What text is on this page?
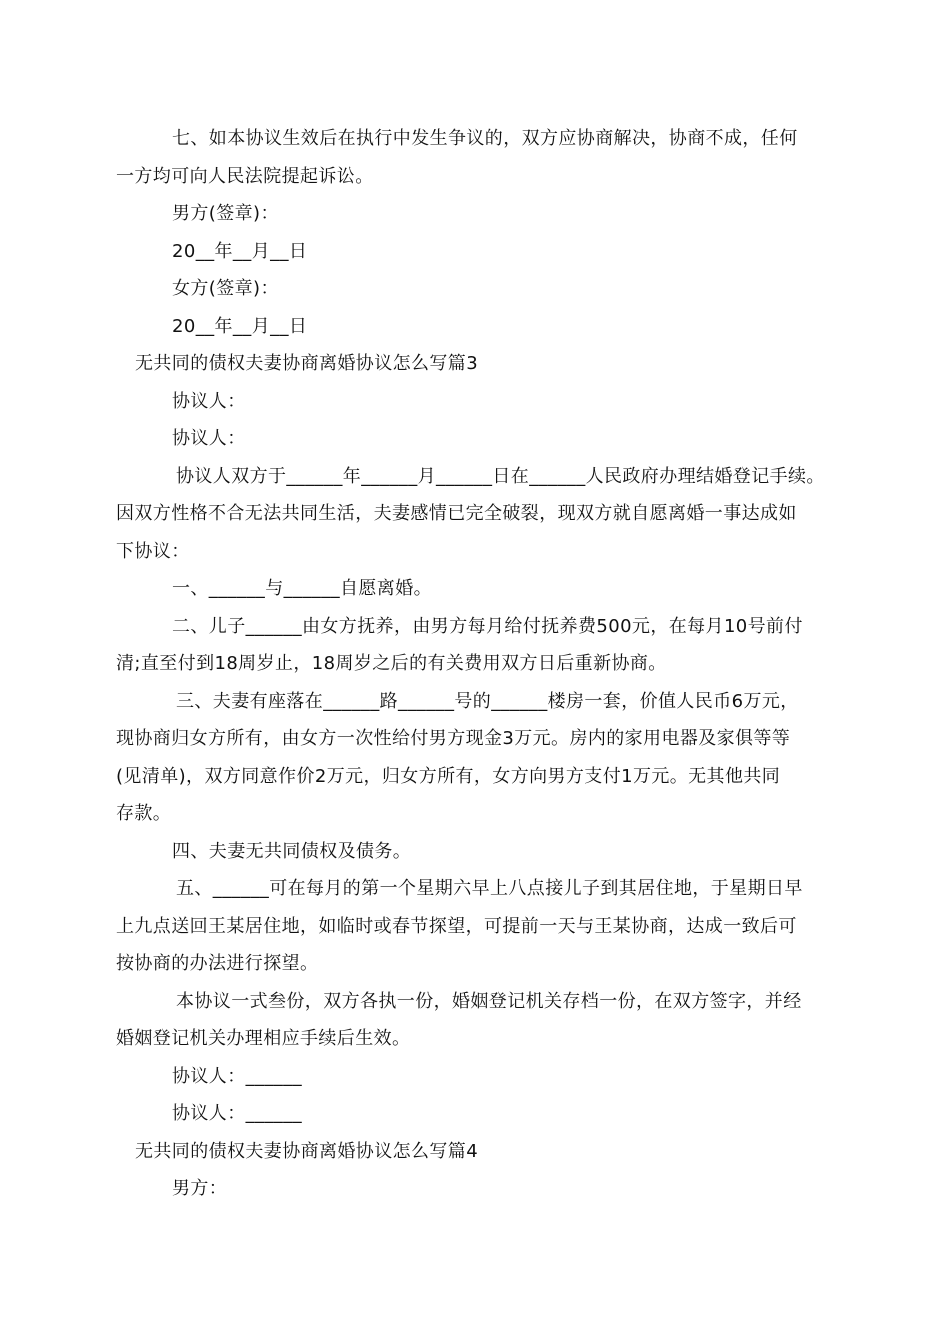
七、如本协议生效后在执行中发生争议的，双方应协商解决，协商不成，任何
一方均可向人民法院提起诉讼。
男方(签章)：
20__年__月__日
女方(签章)：
20__年__月__日
无共同的债权夫妻协商离婚协议怎么写篇3
协议人：
协议人：
协议人双方于______年______月______日在______人民政府办理结婚登记手续。
因双方性格不合无法共同生活，夫妻感情已完全破裂，现双方就自愿离婚一事达成如
下协议：
一、______与______自愿离婚。
二、儿子______由女方抚养，由男方每月给付抚养费500元，在每月10号前付
清;直至付到18周岁止，18周岁之后的有关费用双方日后重新协商。
三、夫妻有座落在______路______号的______楼房一套，价值人民币6万元，
现协商归女方所有，由女方一次性给付男方现金3万元。房内的家用电器及家俱等等
(见清单)，双方同意作价2万元，归女方所有，女方向男方支付1万元。无其他共同
存款。
四、夫妻无共同债权及债务。
五、______可在每月的第一个星期六早上八点接儿子到其居住地，于星期日早
上九点送回王某居住地，如临时或春节探望，可提前一天与王某协商，达成一致后可
按协商的办法进行探望。
本协议一式叁份，双方各执一份，婚姻登记机关存档一份，在双方签字，并经
婚姻登记机关办理相应手续后生效。
协议人：______
协议人：______
无共同的债权夫妻协商离婚协议怎么写篇4
男方：
